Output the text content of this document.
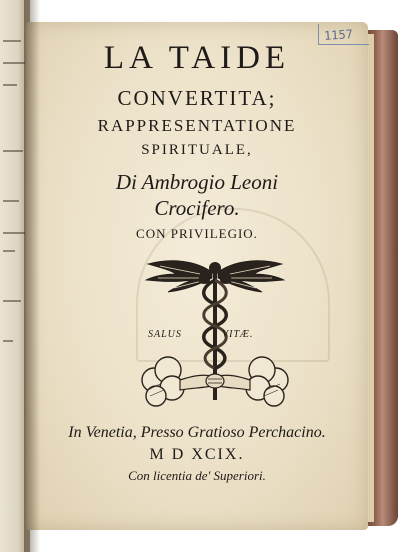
1157
LA TAIDE
CONVERTITA;
RAPPRESENTATIONE
SPIRITUALE,
Di Ambrogio Leoni
Crocifero.
CON PRIVILEGIO.
SALUS	VITÆ.
In Venetia, Presso Gratioso Perchacino.
M D XCIX.
Con licentia de' Superiori.
